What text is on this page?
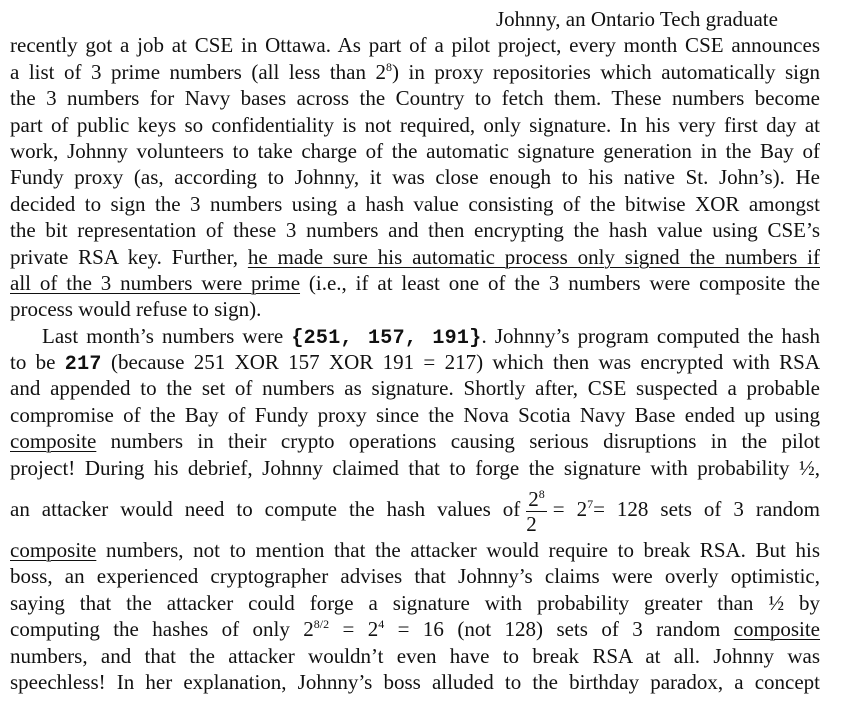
Johnny, an Ontario Tech graduate
recently got a job at CSE in Ottawa. As part of a pilot project, every month CSE announces
a list of 3 prime numbers (all less than $2^8$) in proxy repositories which automatically sign
the 3 numbers for Navy bases across the Country to fetch them. These numbers become
part of public keys so confidentiality is not required, only signature. In his very first day at
work, Johnny volunteers to take charge of the automatic signature generation in the Bay of
Fundy proxy (as, according to Johnny, it was close enough to his native St. John’s). He
decided to sign the 3 numbers using a hash value consisting of the bitwise XOR amongst
the bit representation of these 3 numbers and then encrypting the hash value using CSE’s
private RSA key. Further, he made sure his automatic process only signed the numbers if
all of the 3 numbers were prime (i.e., if at least one of the 3 numbers were composite the
process would refuse to sign).
Last month’s numbers were {251, 157, 191}. Johnny’s program computed the hash
to be 217 (because 251 XOR 157 XOR 191 = 217) which then was encrypted with RSA
and appended to the set of numbers as signature. Shortly after, CSE suspected a probable
compromise of the Bay of Fundy proxy since the Nova Scotia Navy Base ended up using
composite numbers in their crypto operations causing serious disruptions in the pilot
project! During his debrief, Johnny claimed that to forge the signature with probability ½,
an attacker would need to compute the hash values of $\frac{2^8}{2} = 2^7= 128$ sets of 3 random
composite numbers, not to mention that the attacker would require to break RSA. But his
boss, an experienced cryptographer advises that Johnny’s claims were overly optimistic,
saying that the attacker could forge a signature with probability greater than ½ by
computing the hashes of only $2^{8/2} = 2^4 = 16$ (not 128) sets of 3 random composite
numbers, and that the attacker wouldn’t even have to break RSA at all. Johnny was
speechless! In her explanation, Johnny’s boss alluded to the birthday paradox, a concept
